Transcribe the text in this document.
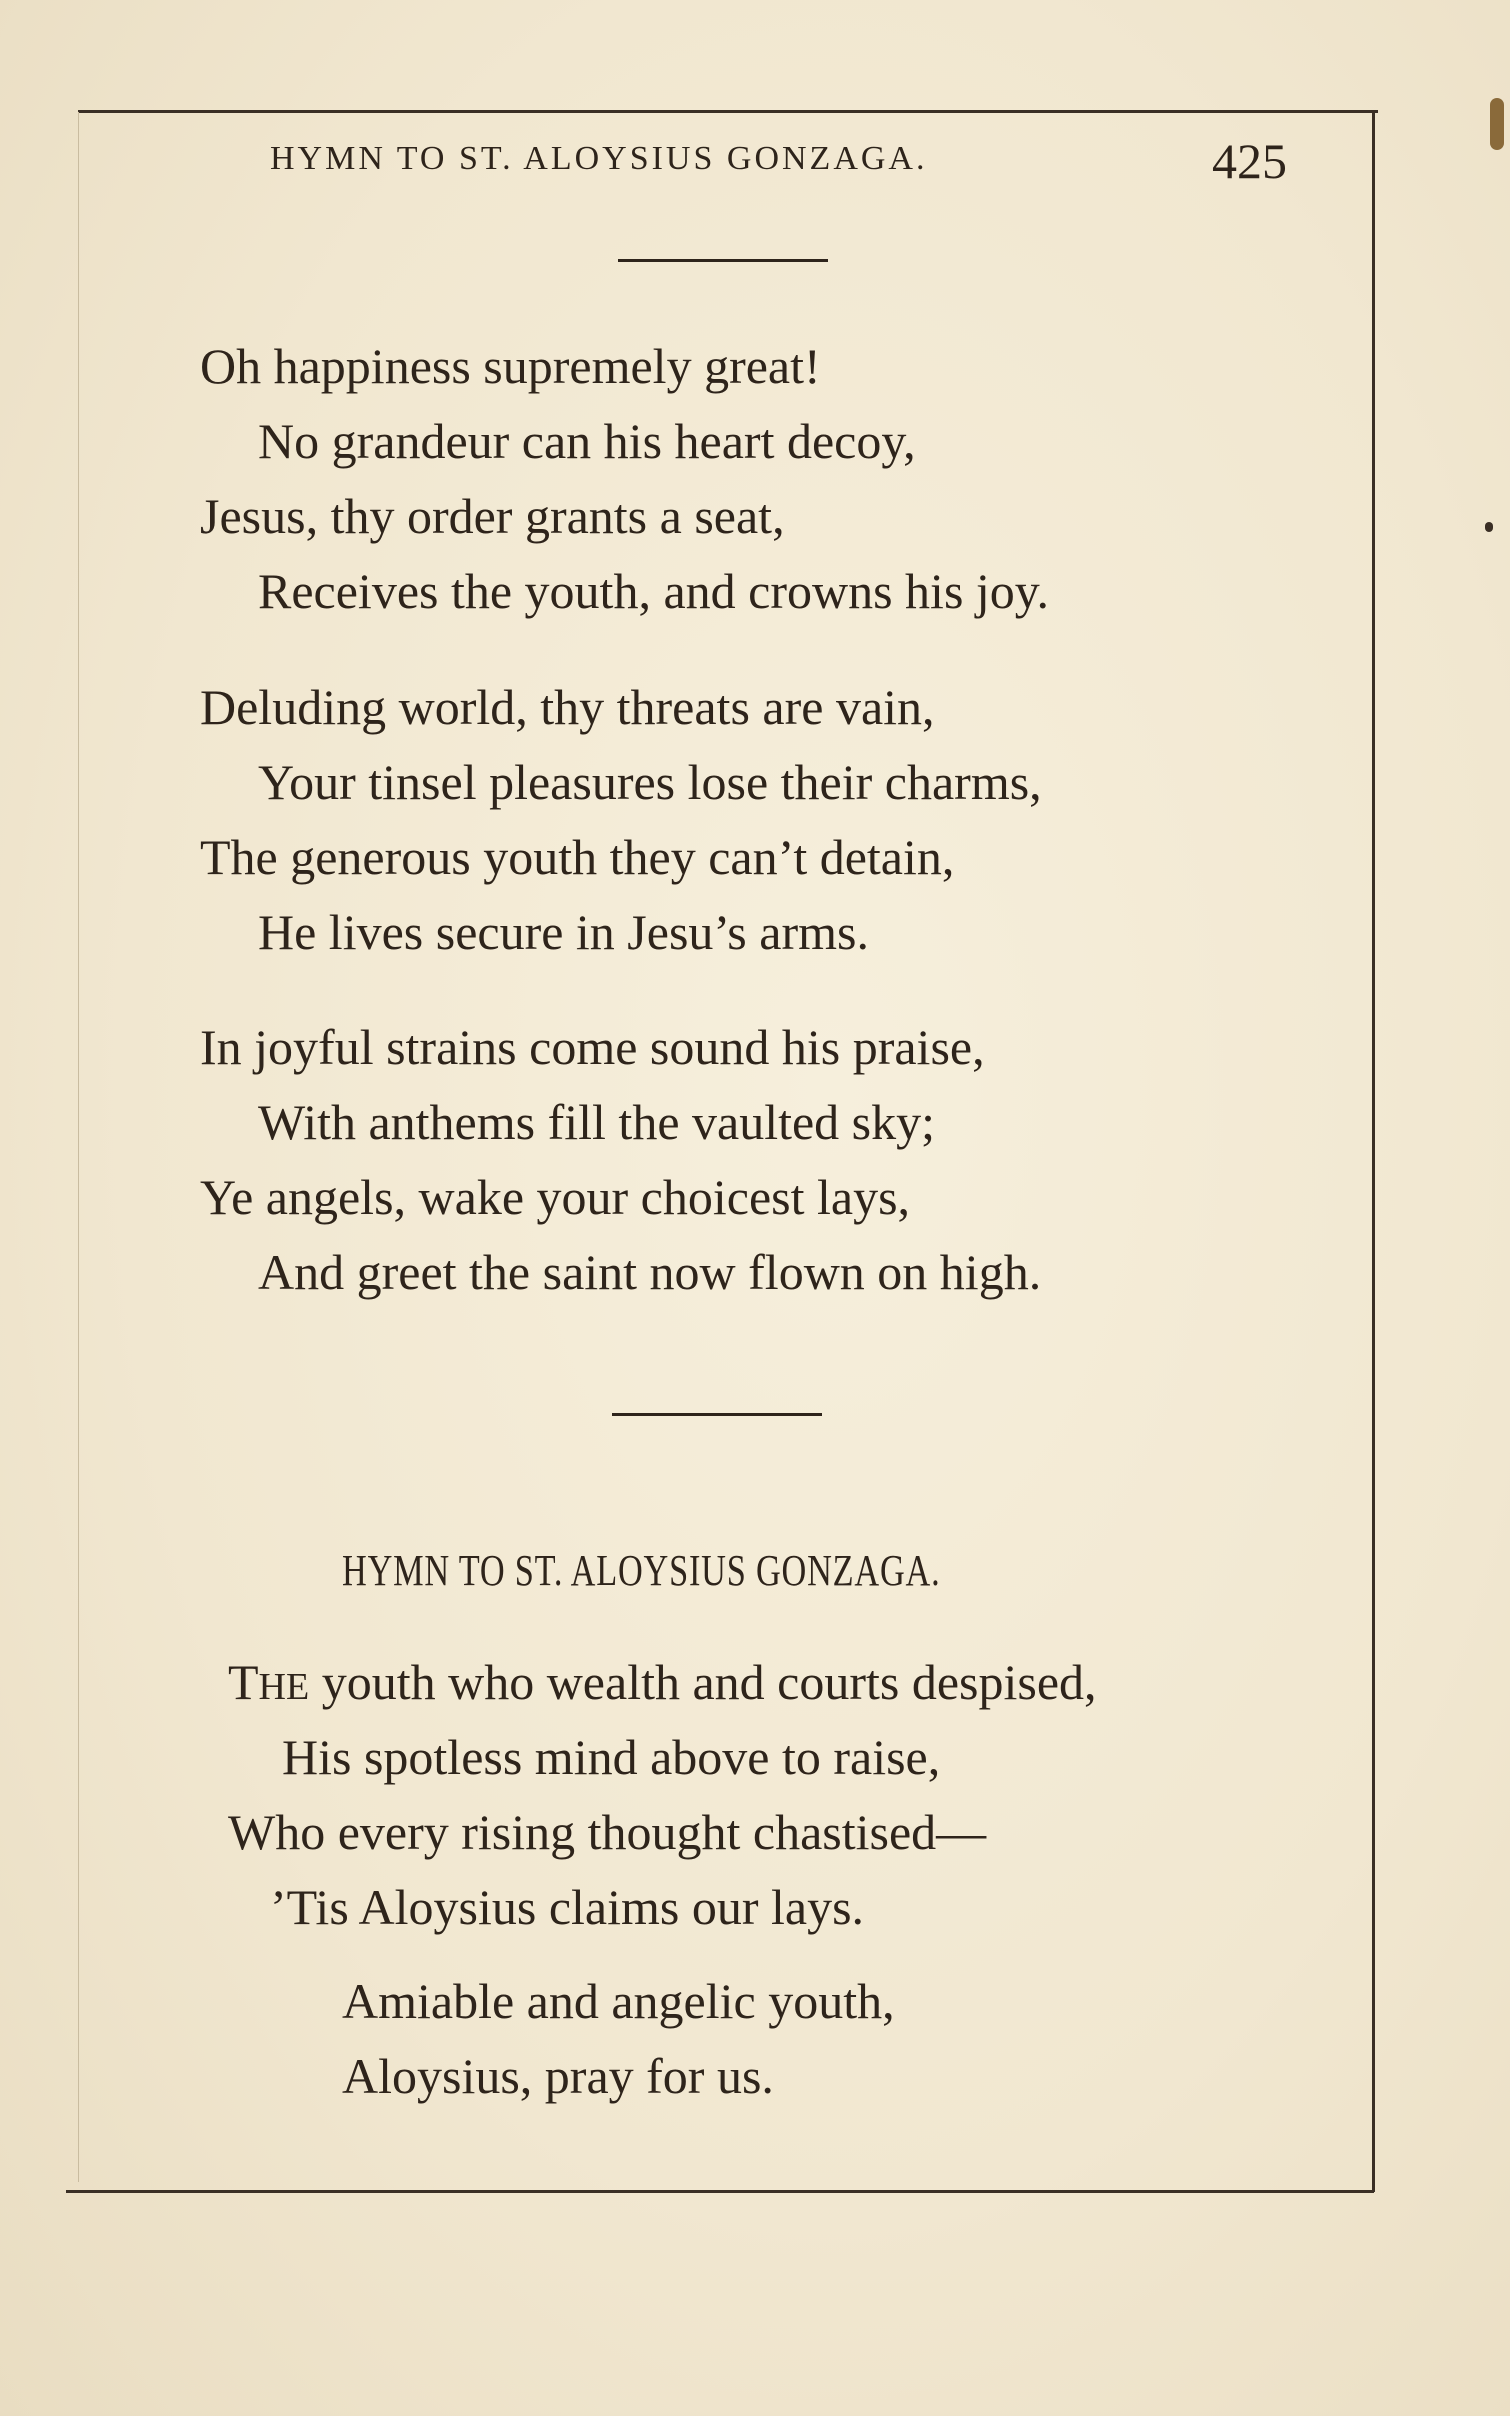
HYMN TO ST. ALOYSIUS GONZAGA.	425
Oh happiness supremely great!
No grandeur can his heart decoy,
Jesus, thy order grants a seat,
Receives the youth, and crowns his joy.
Deluding world, thy threats are vain,
Your tinsel pleasures lose their charms,
The generous youth they can’t detain,
He lives secure in Jesu’s arms.
In joyful strains come sound his praise,
With anthems fill the vaulted sky;
Ye angels, wake your choicest lays,
And greet the saint now flown on high.
HYMN TO ST. ALOYSIUS GONZAGA.
THE youth who wealth and courts despised,
His spotless mind above to raise,
Who every rising thought chastised—
’Tis Aloysius claims our lays.
Amiable and angelic youth,
Aloysius, pray for us.
